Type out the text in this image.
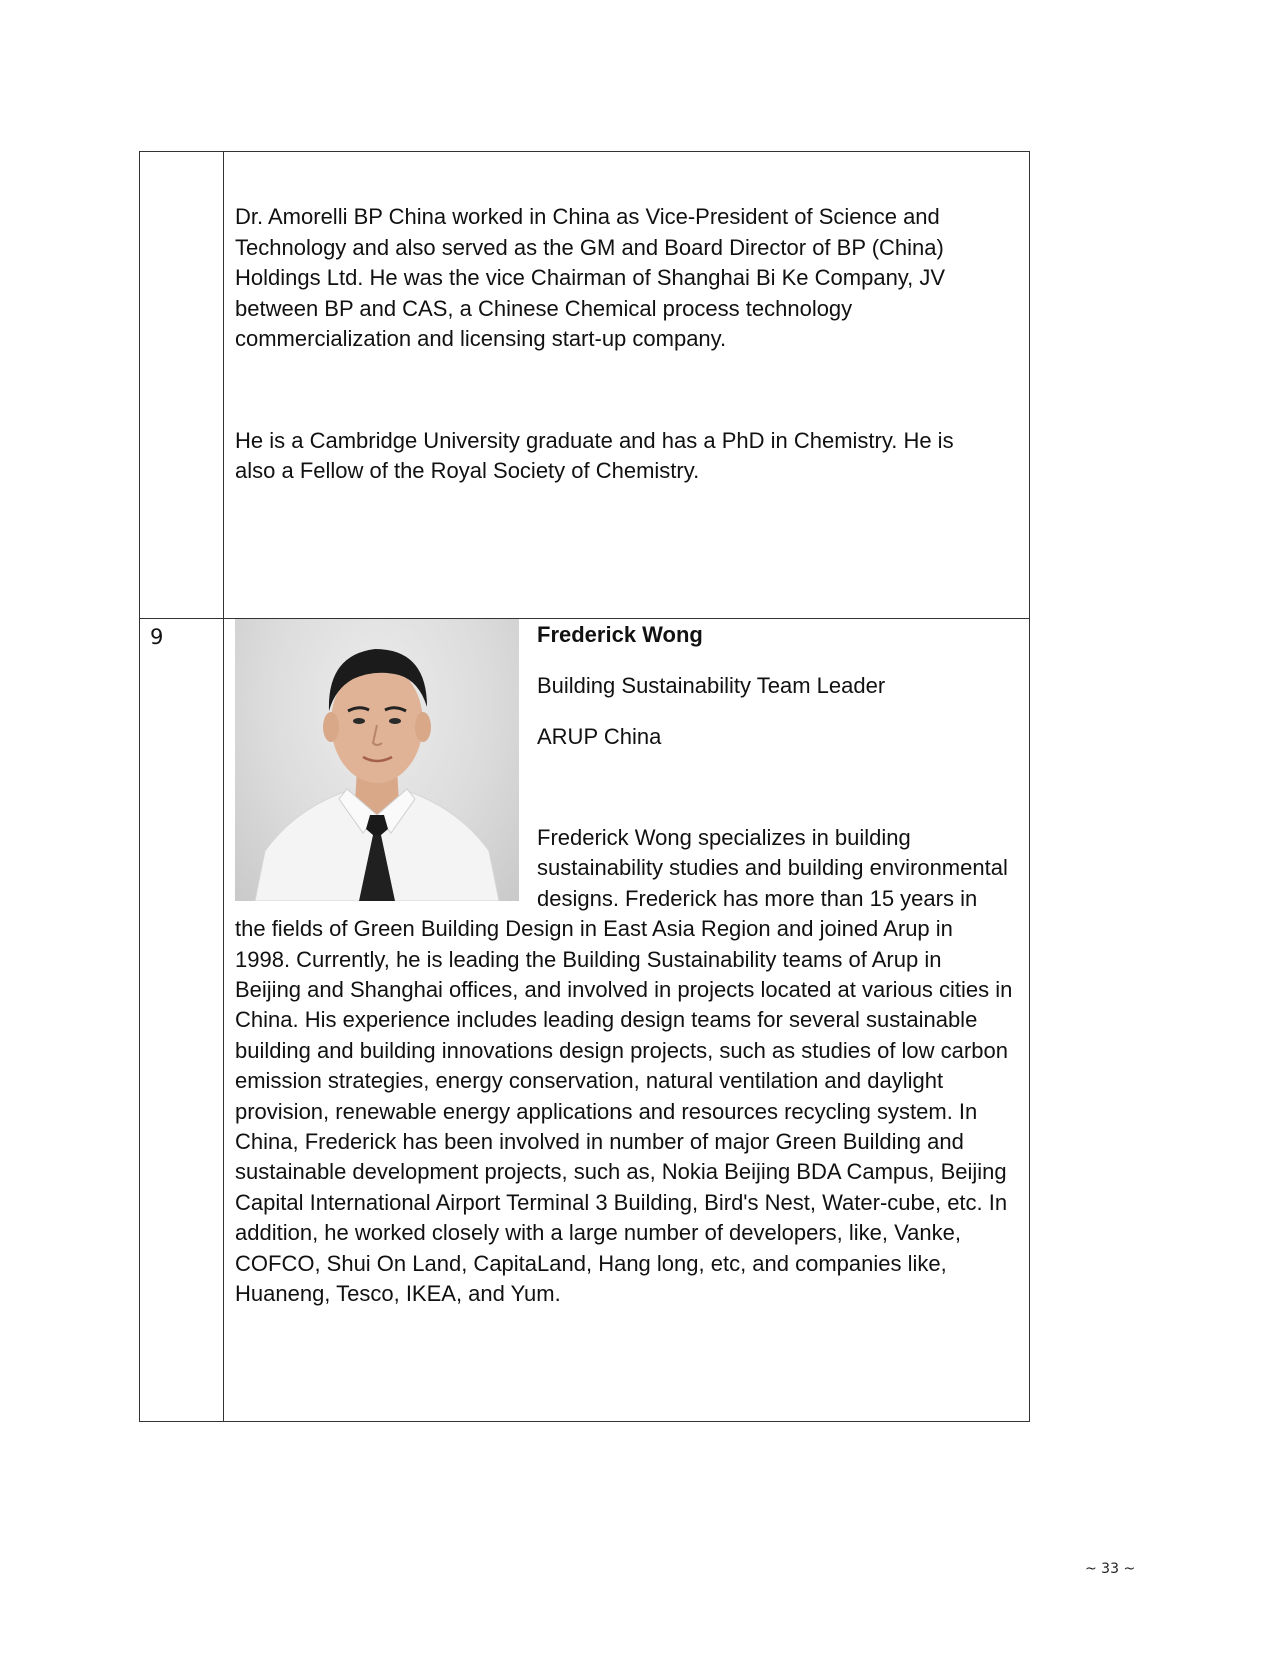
	Dr. Amorelli BP China worked in China as Vice-President of Science and Technology and also served as the GM and Board Director of BP (China) Holdings Ltd. He was the vice Chairman of Shanghai Bi Ke Company, JV between BP and CAS, a Chinese Chemical process technology commercialization and licensing start-up company.

He is a Cambridge University graduate and has a PhD in Chemistry. He is also a Fellow of the Royal Society of Chemistry.

9	Frederick Wong

Building Sustainability Team Leader

ARUP China

Frederick Wong specializes in building sustainability studies and building environmental designs. Frederick has more than 15 years in the fields of Green Building Design in East Asia Region and joined Arup in 1998. Currently, he is leading the Building Sustainability teams of Arup in Beijing and Shanghai offices, and involved in projects located at various cities in China. His experience includes leading design teams for several sustainable building and building innovations design projects, such as studies of low carbon emission strategies, energy conservation, natural ventilation and daylight provision, renewable energy applications and resources recycling system. In China, Frederick has been involved in number of major Green Building and sustainable development projects, such as, Nokia Beijing BDA Campus, Beijing Capital International Airport Terminal 3 Building, Bird's Nest, Water-cube, etc. In addition, he worked closely with a large number of developers, like, Vanke, COFCO, Shui On Land, CapitaLand, Hang long, etc, and companies like, Huaneng, Tesco, IKEA, and Yum.

~ 33 ~
